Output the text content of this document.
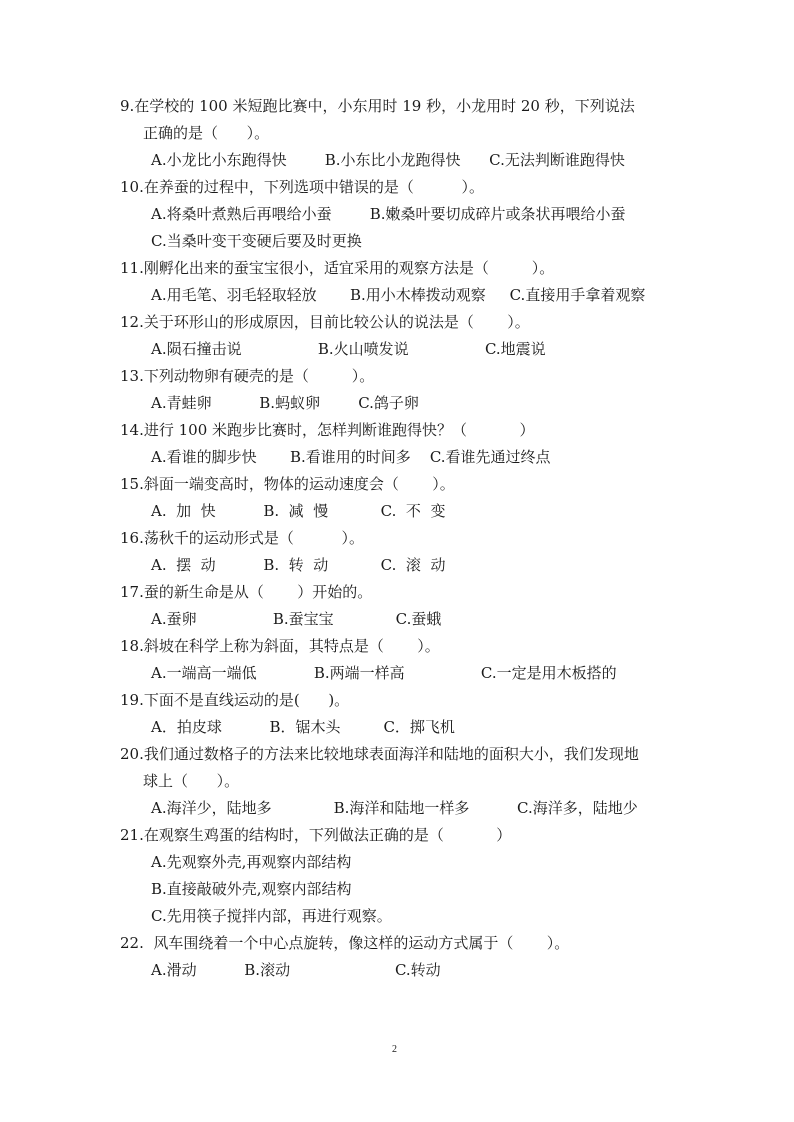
9.在学校的 100 米短跑比赛中，小东用时 19 秒，小龙用时 20 秒，下列说法
正确的是（      ）。
A.小龙比小东跑得快        B.小东比小龙跑得快      C.无法判断谁跑得快
10.在养蚕的过程中，下列选项中错误的是（          ）。
A.将桑叶煮熟后再喂给小蚕        B.嫩桑叶要切成碎片或条状再喂给小蚕
C.当桑叶变干变硬后要及时更换
11.刚孵化出来的蚕宝宝很小，适宜采用的观察方法是（         ）。
A.用毛笔、羽毛轻取轻放       B.用小木棒拨动观察     C.直接用手拿着观察
12.关于环形山的形成原因，目前比较公认的说法是（       ）。
A.陨石撞击说                B.火山喷发说                C.地震说
13.下列动物卵有硬壳的是（         ）。
A.青蛙卵          B.蚂蚁卵        C.鸽子卵
14.进行 100 米跑步比赛时，怎样判断谁跑得快？（           ）
A.看谁的脚步快       B.看谁用的时间多    C.看谁先通过终点
15.斜面一端变高时，物体的运动速度会（       ）。
A.  加  快          B.  减  慢           C.  不  变
16.荡秋千的运动形式是（          ）。
A.  摆  动          B.  转  动           C.  滚  动
17.蚕的新生命是从（       ）开始的。
A.蚕卵                B.蚕宝宝             C.蚕蛾
18.斜坡在科学上称为斜面，其特点是（       ）。
A.一端高一端低            B.两端一样高                C.一定是用木板搭的
19.下面不是直线运动的是(      )。
A．拍皮球          B．锯木头         C．掷飞机
20.我们通过数格子的方法来比较地球表面海洋和陆地的面积大小，我们发现地
球上（      ）。
A.海洋少，陆地多             B.海洋和陆地一样多          C.海洋多，陆地少
21.在观察生鸡蛋的结构时，下列做法正确的是（           ）
A.先观察外壳,再观察内部结构
B.直接敲破外壳,观察内部结构
C.先用筷子搅拌内部，再进行观察。
22.  风车围绕着一个中心点旋转，像这样的运动方式属于（       ）。
A.滑动          B.滚动                      C.转动
2
